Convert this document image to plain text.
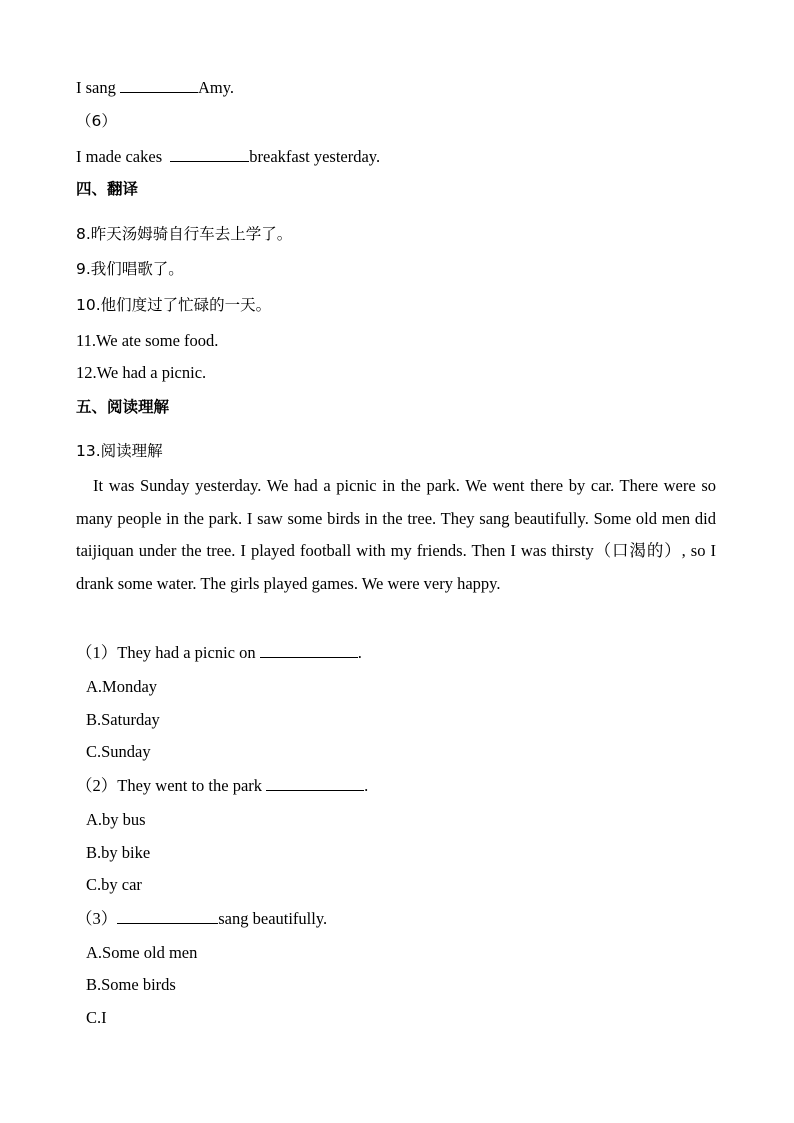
I sang	Amy.
（6）
I made cakes	breakfast yesterday.
四、翻译
8.昨天汤姆骑自行车去上学了。
9.我们唱歌了。
10.他们度过了忙碌的一天。
11.We ate some food.
12.We had a picnic.
五、阅读理解
13.阅读理解
It was Sunday yesterday. We had a picnic in the park. We went there by car. There were so many people in the park. I saw some birds in the tree. They sang beautifully. Some old men did taijiquan under the tree. I played football with my friends. Then I was thirsty（口渴的）, so I drank some water. The girls played games. We were very happy.
（1）They had a picnic on	.
A.Monday
B.Saturday
C.Sunday
（2）They went to the park	.
A.by bus
B.by bike
C.by car
（3）	sang beautifully.
A.Some old men
B.Some birds
C.I
